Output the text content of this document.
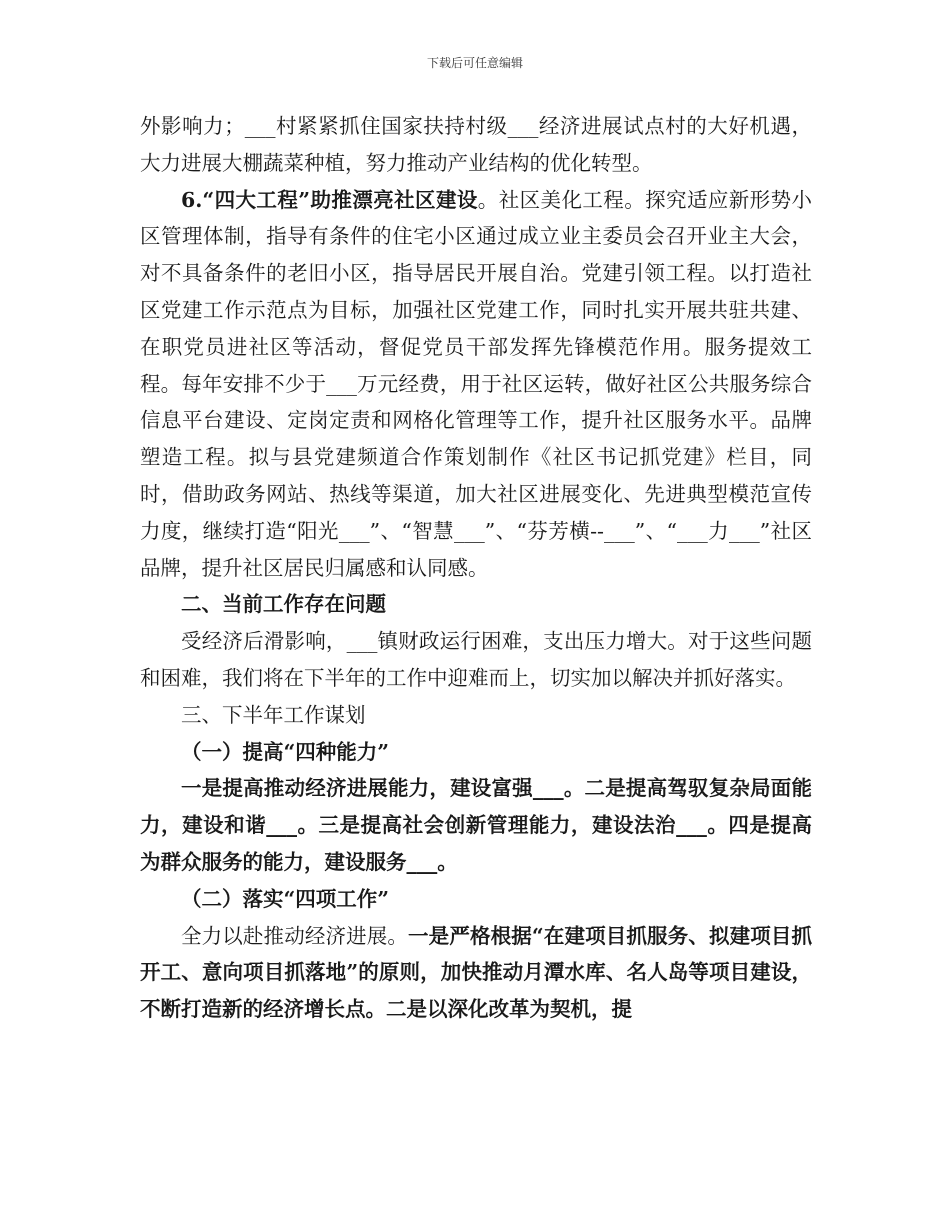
下载后可任意编辑

外影响力；___村紧紧抓住国家扶持村级___经济进展试点村的大好机遇，大力进展大棚蔬菜种植，努力推动产业结构的优化转型。

6.“四大工程”助推漂亮社区建设。社区美化工程。探究适应新形势小区管理体制，指导有条件的住宅小区通过成立业主委员会召开业主大会，对不具备条件的老旧小区，指导居民开展自治。党建引领工程。以打造社区党建工作示范点为目标，加强社区党建工作，同时扎实开展共驻共建、在职党员进社区等活动，督促党员干部发挥先锋模范作用。服务提效工程。每年安排不少于___万元经费，用于社区运转，做好社区公共服务综合信息平台建设、定岗定责和网格化管理等工作，提升社区服务水平。品牌塑造工程。拟与县党建频道合作策划制作《社区书记抓党建》栏目，同时，借助政务网站、热线等渠道，加大社区进展变化、先进典型模范宣传力度，继续打造“阳光___”、“智慧___”、“芬芳横--___”、“___力___”社区品牌，提升社区居民归属感和认同感。

二、当前工作存在问题

受经济后滑影响，___镇财政运行困难，支出压力增大。对于这些问题和困难，我们将在下半年的工作中迎难而上，切实加以解决并抓好落实。

三、下半年工作谋划

（一）提高“四种能力”

一是提高推动经济进展能力，建设富强___。二是提高驾驭复杂局面能力，建设和谐___。三是提高社会创新管理能力，建设法治___。四是提高为群众服务的能力，建设服务___。

（二）落实“四项工作”

全力以赴推动经济进展。一是严格根据“在建项目抓服务、拟建项目抓开工、意向项目抓落地”的原则，加快推动月潭水库、名人岛等项目建设，不断打造新的经济增长点。二是以深化改革为契机，提
